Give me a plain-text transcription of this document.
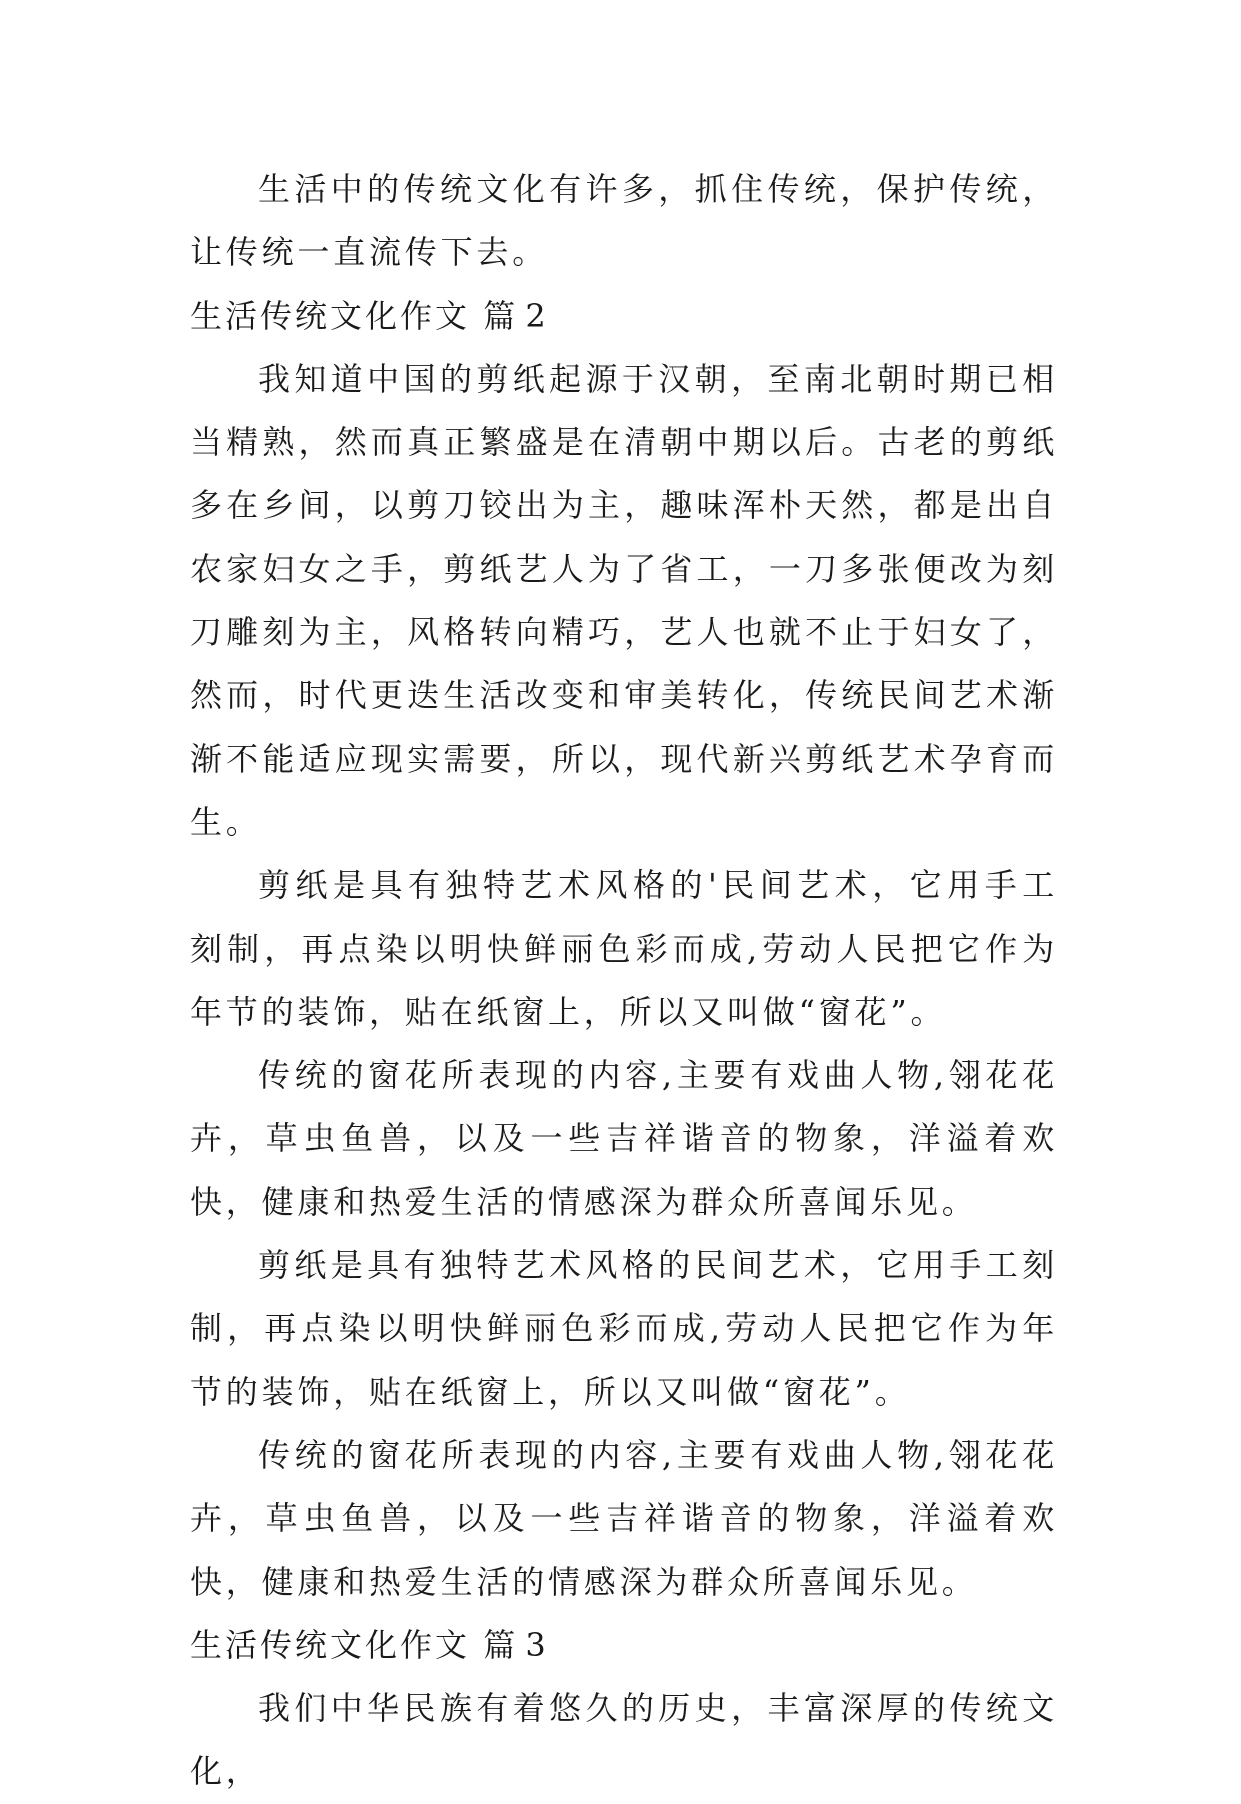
生活中的传统文化有许多，抓住传统，保护传统，让传统一直流传下去。

生活传统文化作文 篇 2

我知道中国的剪纸起源于汉朝，至南北朝时期已相当精熟，然而真正繁盛是在清朝中期以后。古老的剪纸多在乡间，以剪刀铰出为主，趣味浑朴天然，都是出自农家妇女之手，剪纸艺人为了省工，一刀多张便改为刻刀雕刻为主，风格转向精巧，艺人也就不止于妇女了，然而，时代更迭生活改变和审美转化，传统民间艺术渐渐不能适应现实需要，所以，现代新兴剪纸艺术孕育而生。

剪纸是具有独特艺术风格的'民间艺术，它用手工刻制，再点染以明快鲜丽色彩而成,劳动人民把它作为年节的装饰，贴在纸窗上，所以又叫做“窗花”。

传统的窗花所表现的内容,主要有戏曲人物,翎花花卉，草虫鱼兽，以及一些吉祥谐音的物象，洋溢着欢快，健康和热爱生活的情感深为群众所喜闻乐见。

剪纸是具有独特艺术风格的民间艺术，它用手工刻制，再点染以明快鲜丽色彩而成,劳动人民把它作为年节的装饰，贴在纸窗上，所以又叫做“窗花”。

传统的窗花所表现的内容,主要有戏曲人物,翎花花卉，草虫鱼兽，以及一些吉祥谐音的物象，洋溢着欢快，健康和热爱生活的情感深为群众所喜闻乐见。

生活传统文化作文 篇 3

我们中华民族有着悠久的历史，丰富深厚的传统文化，
